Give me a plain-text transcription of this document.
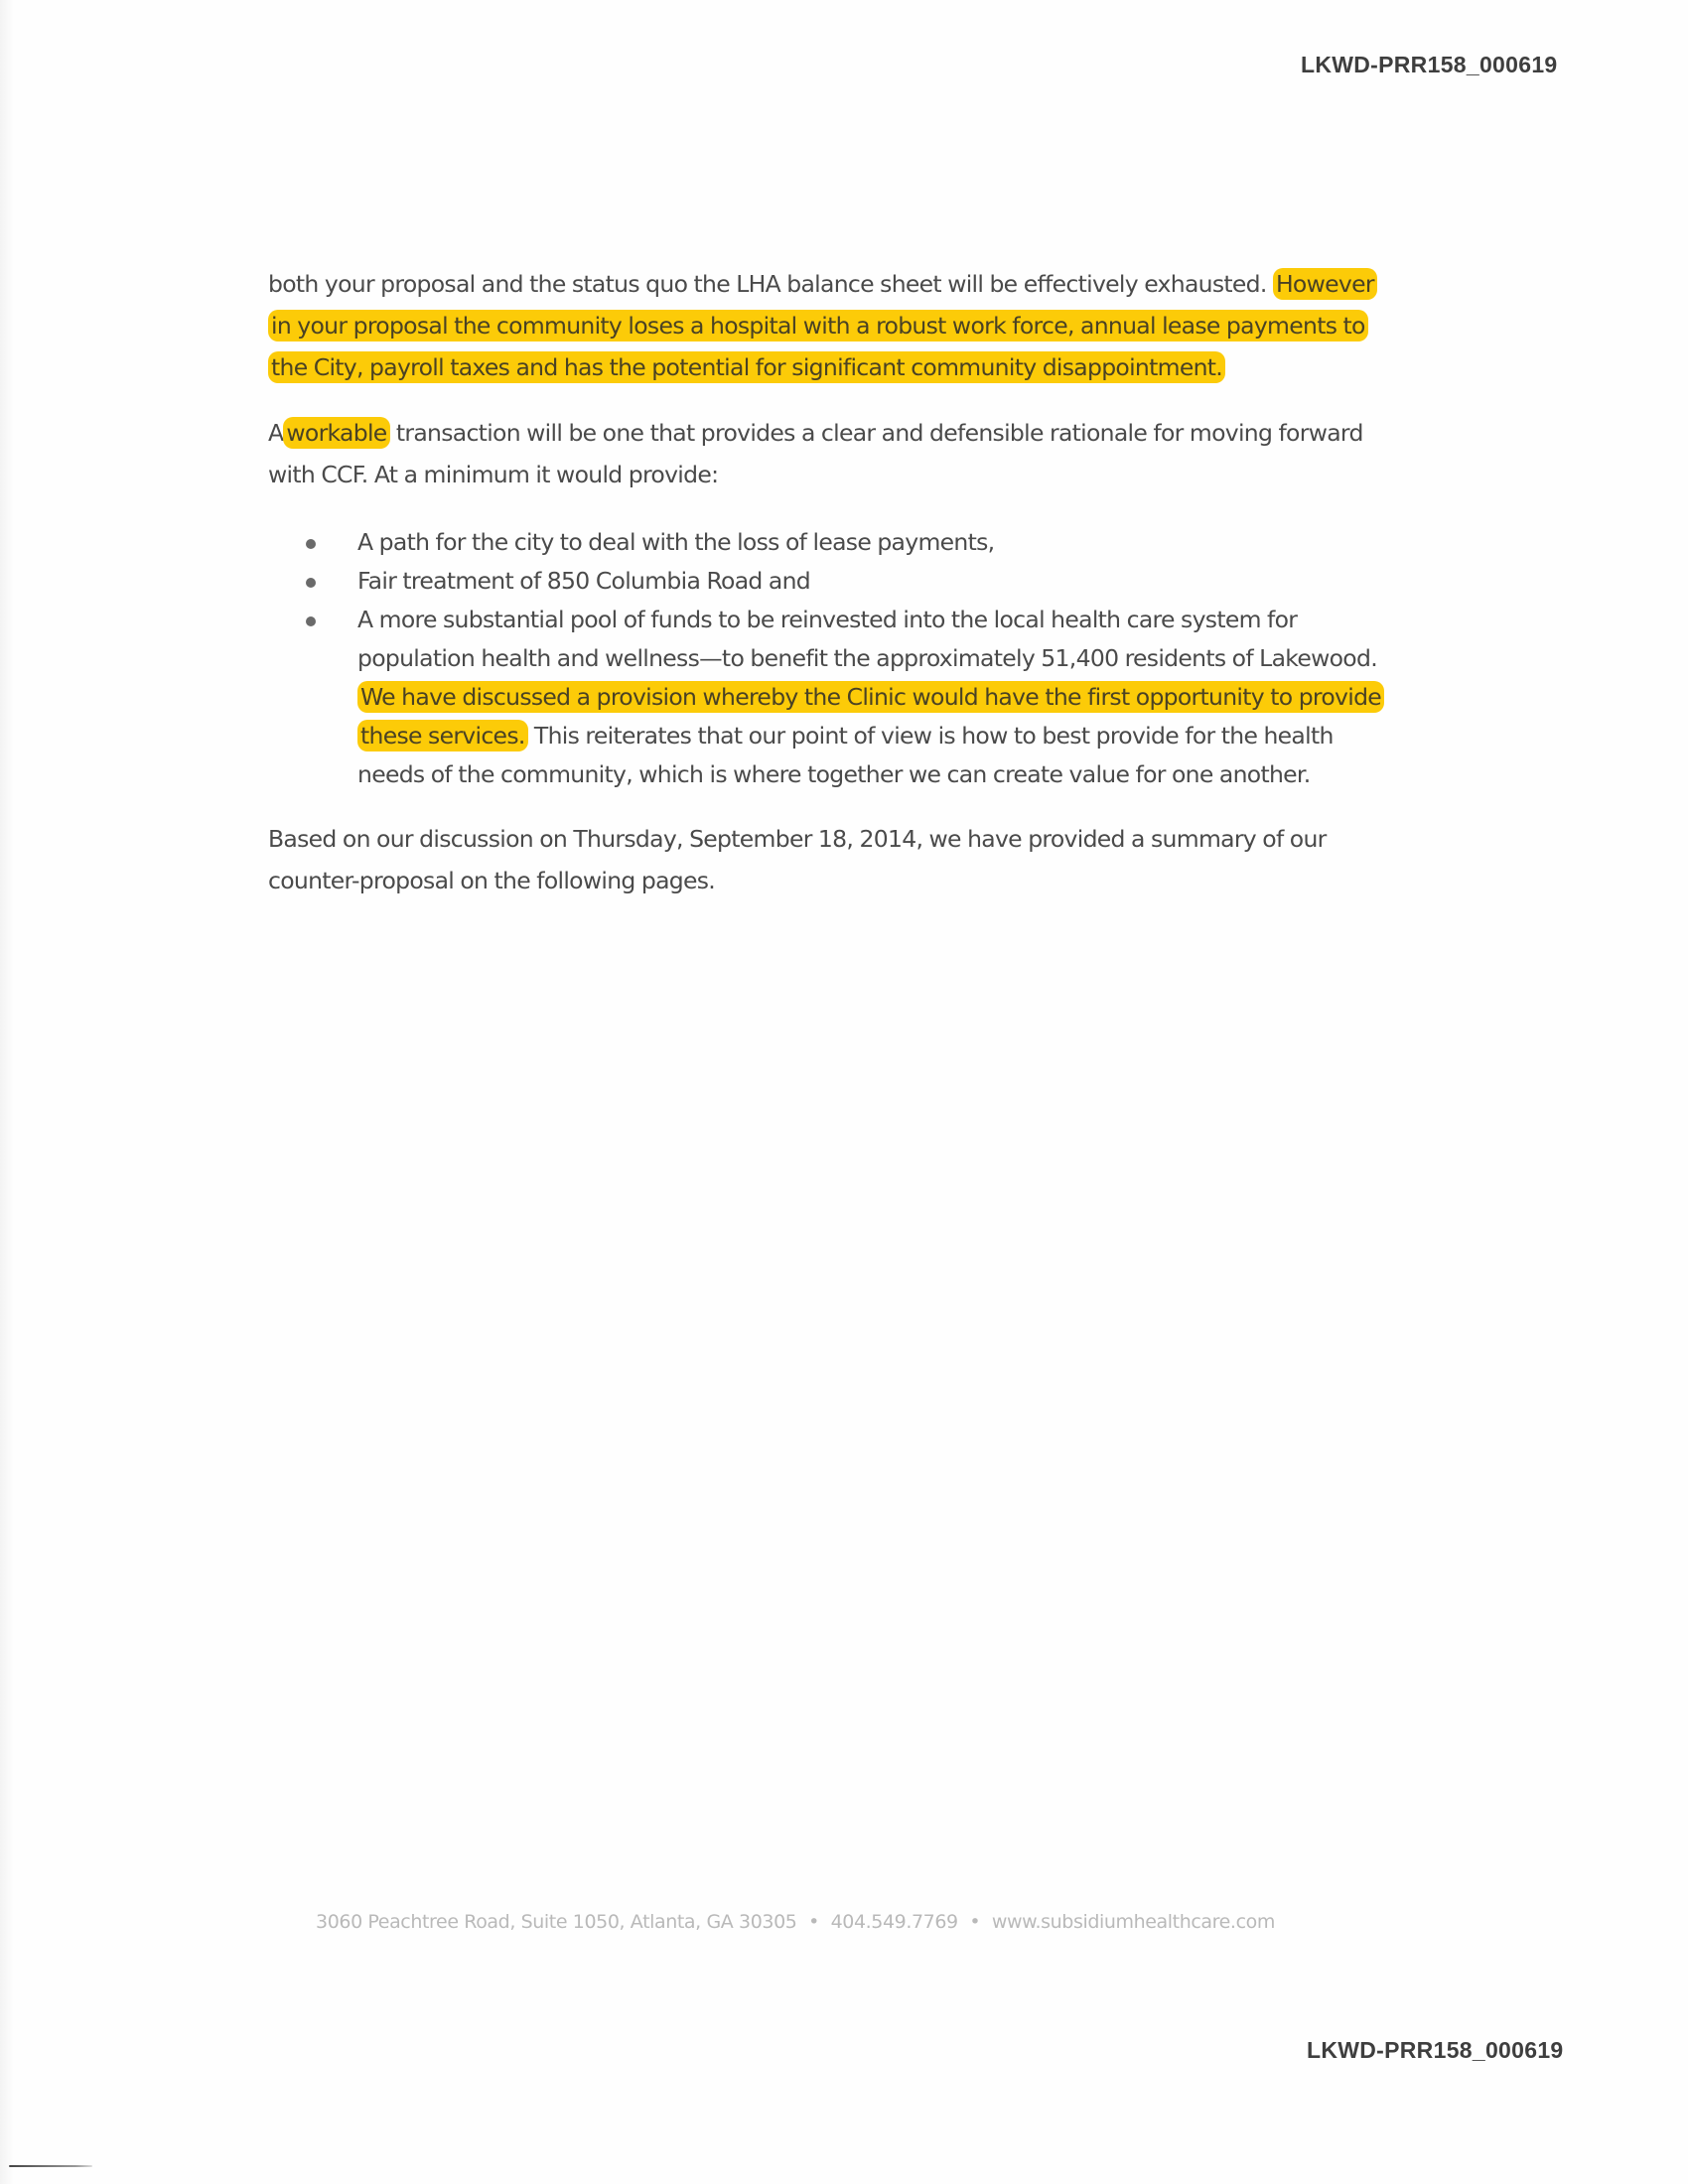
LKWD-PRR158_000619

both your proposal and the status quo the LHA balance sheet will be effectively exhausted. However in your proposal the community loses a hospital with a robust work force, annual lease payments to the City, payroll taxes and has the potential for significant community disappointment.

A workable transaction will be one that provides a clear and defensible rationale for moving forward with CCF. At a minimum it would provide:

A path for the city to deal with the loss of lease payments,
Fair treatment of 850 Columbia Road and
A more substantial pool of funds to be reinvested into the local health care system for population health and wellness—to benefit the approximately 51,400 residents of Lakewood. We have discussed a provision whereby the Clinic would have the first opportunity to provide these services. This reiterates that our point of view is how to best provide for the health needs of the community, which is where together we can create value for one another.

Based on our discussion on Thursday, September 18, 2014, we have provided a summary of our counter-proposal on the following pages.

3060 Peachtree Road, Suite 1050, Atlanta, GA 30305 • 404.549.7769 • www.subsidiumhealthcare.com
LKWD-PRR158_000619
